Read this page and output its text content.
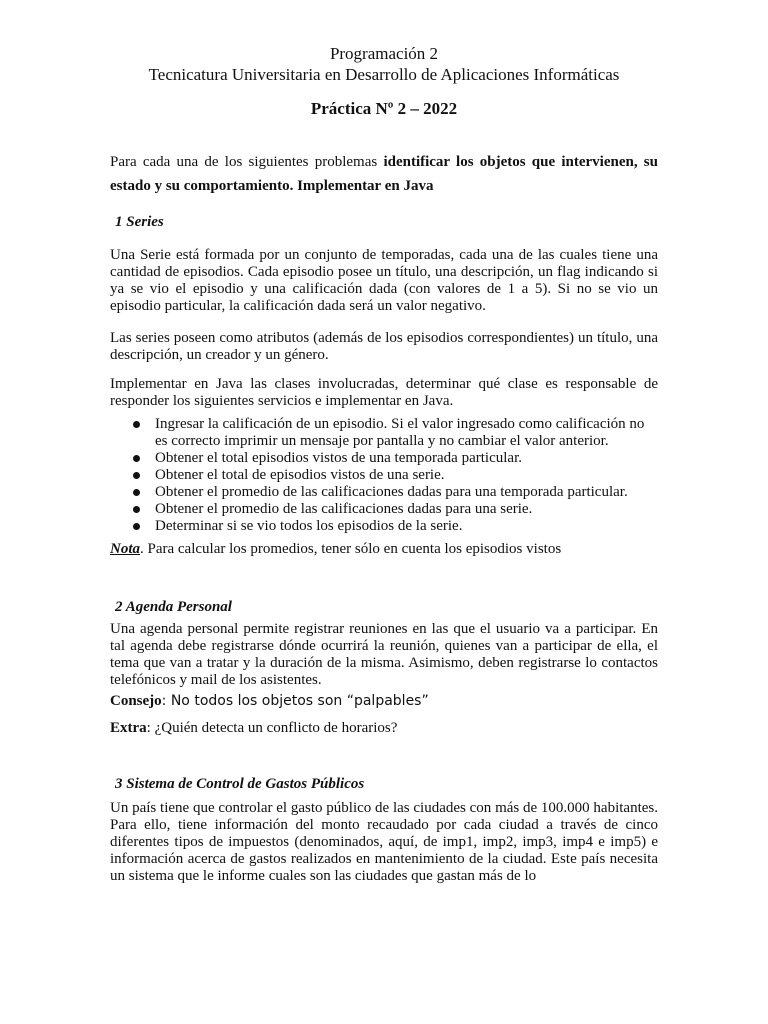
Programación 2
Tecnicatura Universitaria en Desarrollo de Aplicaciones Informáticas
Práctica Nº 2 – 2022
Para cada una de los siguientes problemas identificar los objetos que intervienen, su estado y su comportamiento. Implementar en Java
1 Series
Una Serie está formada por un conjunto de temporadas, cada una de las cuales tiene una cantidad de episodios. Cada episodio posee un título, una descripción, un flag indicando si ya se vio el episodio y una calificación dada (con valores de 1 a 5). Si no se vio un episodio particular, la calificación dada será un valor negativo.
Las series poseen como atributos (además de los episodios correspondientes) un título, una descripción, un creador y un género.
Implementar en Java las clases involucradas, determinar qué clase es responsable de responder los siguientes servicios e implementar en Java.
Ingresar la calificación de un episodio. Si el valor ingresado como calificación no es correcto imprimir un mensaje por pantalla y no cambiar el valor anterior.
Obtener el total episodios vistos de una temporada particular.
Obtener el total de episodios vistos de una serie.
Obtener el promedio de las calificaciones dadas para una temporada particular.
Obtener el promedio de las calificaciones dadas para una serie.
Determinar si se vio todos los episodios de la serie.
Nota. Para calcular los promedios, tener sólo en cuenta los episodios vistos
2 Agenda Personal
Una agenda personal permite registrar reuniones en las que el usuario va a participar. En tal agenda debe registrarse dónde ocurrirá la reunión, quienes van a participar de ella, el tema que van a tratar y la duración de la misma. Asimismo, deben registrarse lo contactos telefónicos y mail de los asistentes.
Consejo: No todos los objetos son “palpables”
Extra: ¿Quién detecta un conflicto de horarios?
3 Sistema de Control de Gastos Públicos
Un país tiene que controlar el gasto público de las ciudades con más de 100.000 habitantes. Para ello, tiene información del monto recaudado por cada ciudad a través de cinco diferentes tipos de impuestos (denominados, aquí, de imp1, imp2, imp3, imp4 e imp5) e información acerca de gastos realizados en mantenimiento de la ciudad. Este país necesita un sistema que le informe cuales son las ciudades que gastan más de lo
